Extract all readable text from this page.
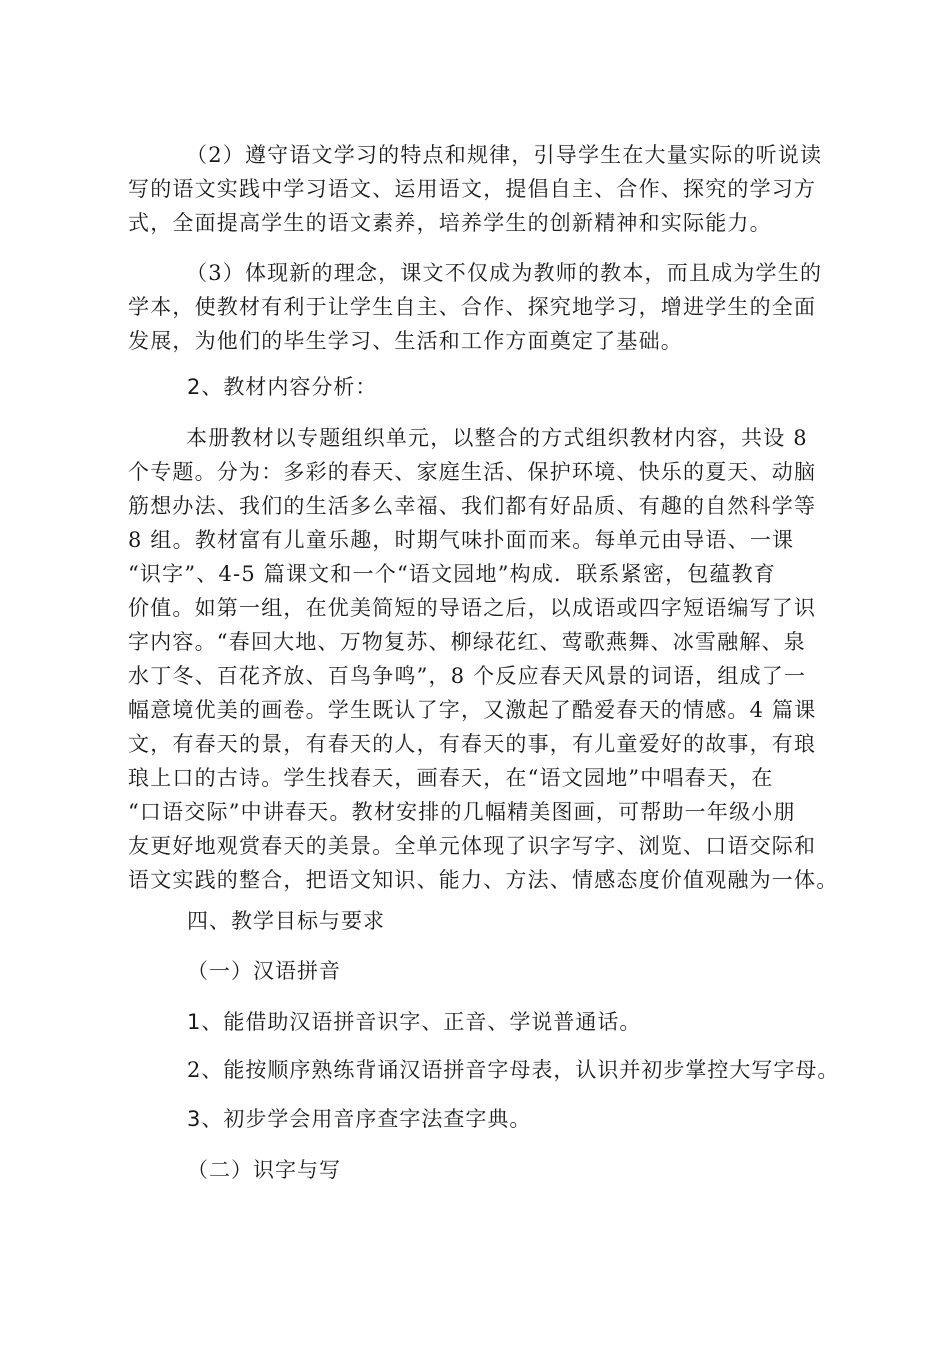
（2）遵守语文学习的特点和规律，引导学生在大量实际的听说读
写的语文实践中学习语文、运用语文，提倡自主、合作、探究的学习方
式，全面提高学生的语文素养，培养学生的创新精神和实际能力。
（3）体现新的理念，课文不仅成为教师的教本，而且成为学生的
学本，使教材有利于让学生自主、合作、探究地学习，增进学生的全面
发展，为他们的毕生学习、生活和工作方面奠定了基础。

2、教材内容分析：

本册教材以专题组织单元，以整合的方式组织教材内容，共设 8
个专题。分为：多彩的春天、家庭生活、保护环境、快乐的夏天、动脑
筋想办法、我们的生活多么幸福、我们都有好品质、有趣的自然科学等
8 组。教材富有儿童乐趣，时期气味扑面而来。每单元由导语、一课
“识字”、4-5 篇课文和一个“语文园地”构成．联系紧密，包蕴教育
价值。如第一组，在优美简短的导语之后，以成语或四字短语编写了识
字内容。“春回大地、万物复苏、柳绿花红、莺歌燕舞、冰雪融解、泉
水丁冬、百花齐放、百鸟争鸣”，8 个反应春天风景的词语，组成了一
幅意境优美的画卷。学生既认了字，又激起了酷爱春天的情感。4 篇课
文，有春天的景，有春天的人，有春天的事，有儿童爱好的故事，有琅
琅上口的古诗。学生找春天，画春天，在“语文园地”中唱春天，在
“口语交际”中讲春天。教材安排的几幅精美图画，可帮助一年级小朋
友更好地观赏春天的美景。全单元体现了识字写字、浏览、口语交际和
语文实践的整合，把语文知识、能力、方法、情感态度价值观融为一体。

四、教学目标与要求

（一）汉语拼音

1、能借助汉语拼音识字、正音、学说普通话。

2、能按顺序熟练背诵汉语拼音字母表，认识并初步掌控大写字母。

3、初步学会用音序查字法查字典。

（二）识字与写
